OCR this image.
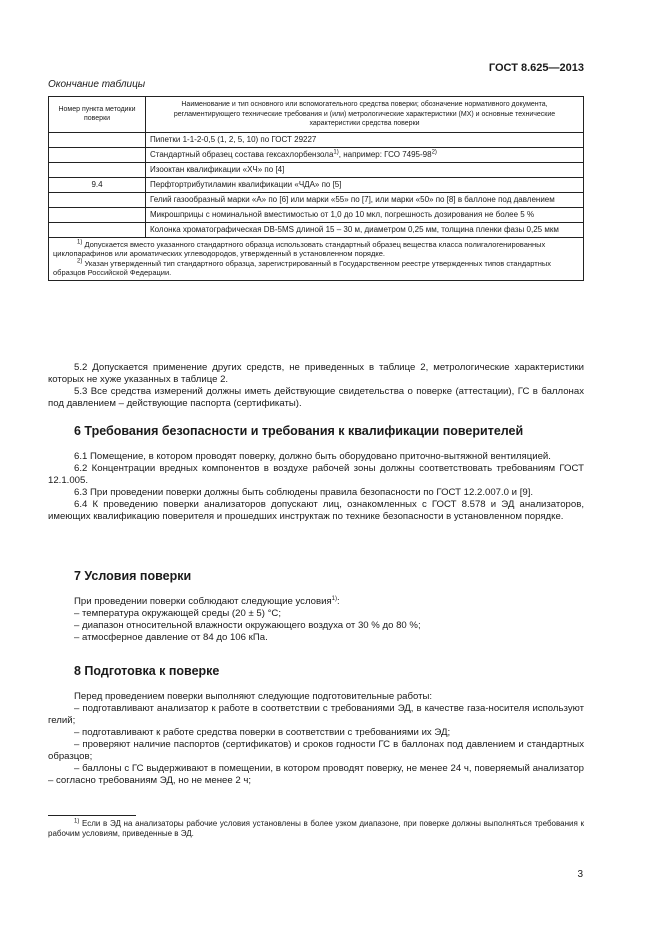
ГОСТ 8.625—2013
Окончание таблицы
Номер пункта методики поверки	Наименование и тип основного или вспомогательного средства поверки; обозначение нормативного документа, регламентирующего технические требования и (или) метрологические характеристики (МХ) и основные технические характеристики средства поверки
	Пипетки 1-1-2-0,5 (1, 2, 5, 10) по ГОСТ 29227
	Стандартный образец состава гексахлорбензола$^{1)}$, например: ГСО 7495-98$^{2)}$
	Изооктан квалификации «ХЧ» по [4]
9.4	Перфтортрибутиламин квалификации «ЧДА» по [5]
	Гелий газообразный марки «А» по [6] или марки «55» по [7], или марки «50» по [8] в баллоне под давлением
	Микрошприцы с номинальной вместимостью от 1,0 до 10 мкл, погрешность дозирования не более 5 %
	Колонка хроматографическая DB-5MS длиной 15 – 30 м, диаметром 0,25 мм, толщина пленки фазы 0,25 мкм

$^{1)}$ Допускается вместо указанного стандартного образца использовать стандартный образец вещества класса полигалогенированных циклопарафинов или ароматических углеводородов, утвержденный в установленном порядке.
$^{2)}$ Указан утвержденный тип стандартного образца, зарегистрированный в Государственном реестре утвержденных типов стандартных образцов Российской Федерации.	

5.2 Допускается применение других средств, не приведенных в таблице 2, метрологические характеристики которых не хуже указанных в таблице 2.

5.3 Все средства измерений должны иметь действующие свидетельства о поверке (аттестации), ГС в баллонах под давлением – действующие паспорта (сертификаты).

6 Требования безопасности и требования к квалификации поверителей

6.1 Помещение, в котором проводят поверку, должно быть оборудовано приточно-вытяжной вентиляцией.

6.2 Концентрации вредных компонентов в воздухе рабочей зоны должны соответствовать требованиям ГОСТ 12.1.005.

6.3 При проведении поверки должны быть соблюдены правила безопасности по ГОСТ 12.2.007.0 и [9].

6.4 К проведению поверки анализаторов допускают лиц, ознакомленных с ГОСТ 8.578 и ЭД анализаторов, имеющих квалификацию поверителя и прошедших инструктаж по технике безопасности в установленном порядке.

7 Условия поверки

При проведении поверки соблюдают следующие условия$^{1)}$:

– температура окружающей среды (20 ± 5) °С;

– диапазон относительной влажности окружающего воздуха от 30 % до 80 %;

– атмосферное давление от 84 до 106 кПа.

8 Подготовка к поверке

Перед проведением поверки выполняют следующие подготовительные работы:

– подготавливают анализатор к работе в соответствии с требованиями ЭД, в качестве газа-носителя используют гелий;

– подготавливают к работе средства поверки в соответствии с требованиями их ЭД;

– проверяют наличие паспортов (сертификатов) и сроков годности ГС в баллонах под давлением и стандартных образцов;

– баллоны с ГС выдерживают в помещении, в котором проводят поверку, не менее 24 ч, поверяемый анализатор – согласно требованиям ЭД, но не менее 2 ч;

$^{1)}$ Если в ЭД на анализаторы рабочие условия установлены в более узком диапазоне, при поверке должны выполняться требования к рабочим условиям, приведенные в ЭД.

3
